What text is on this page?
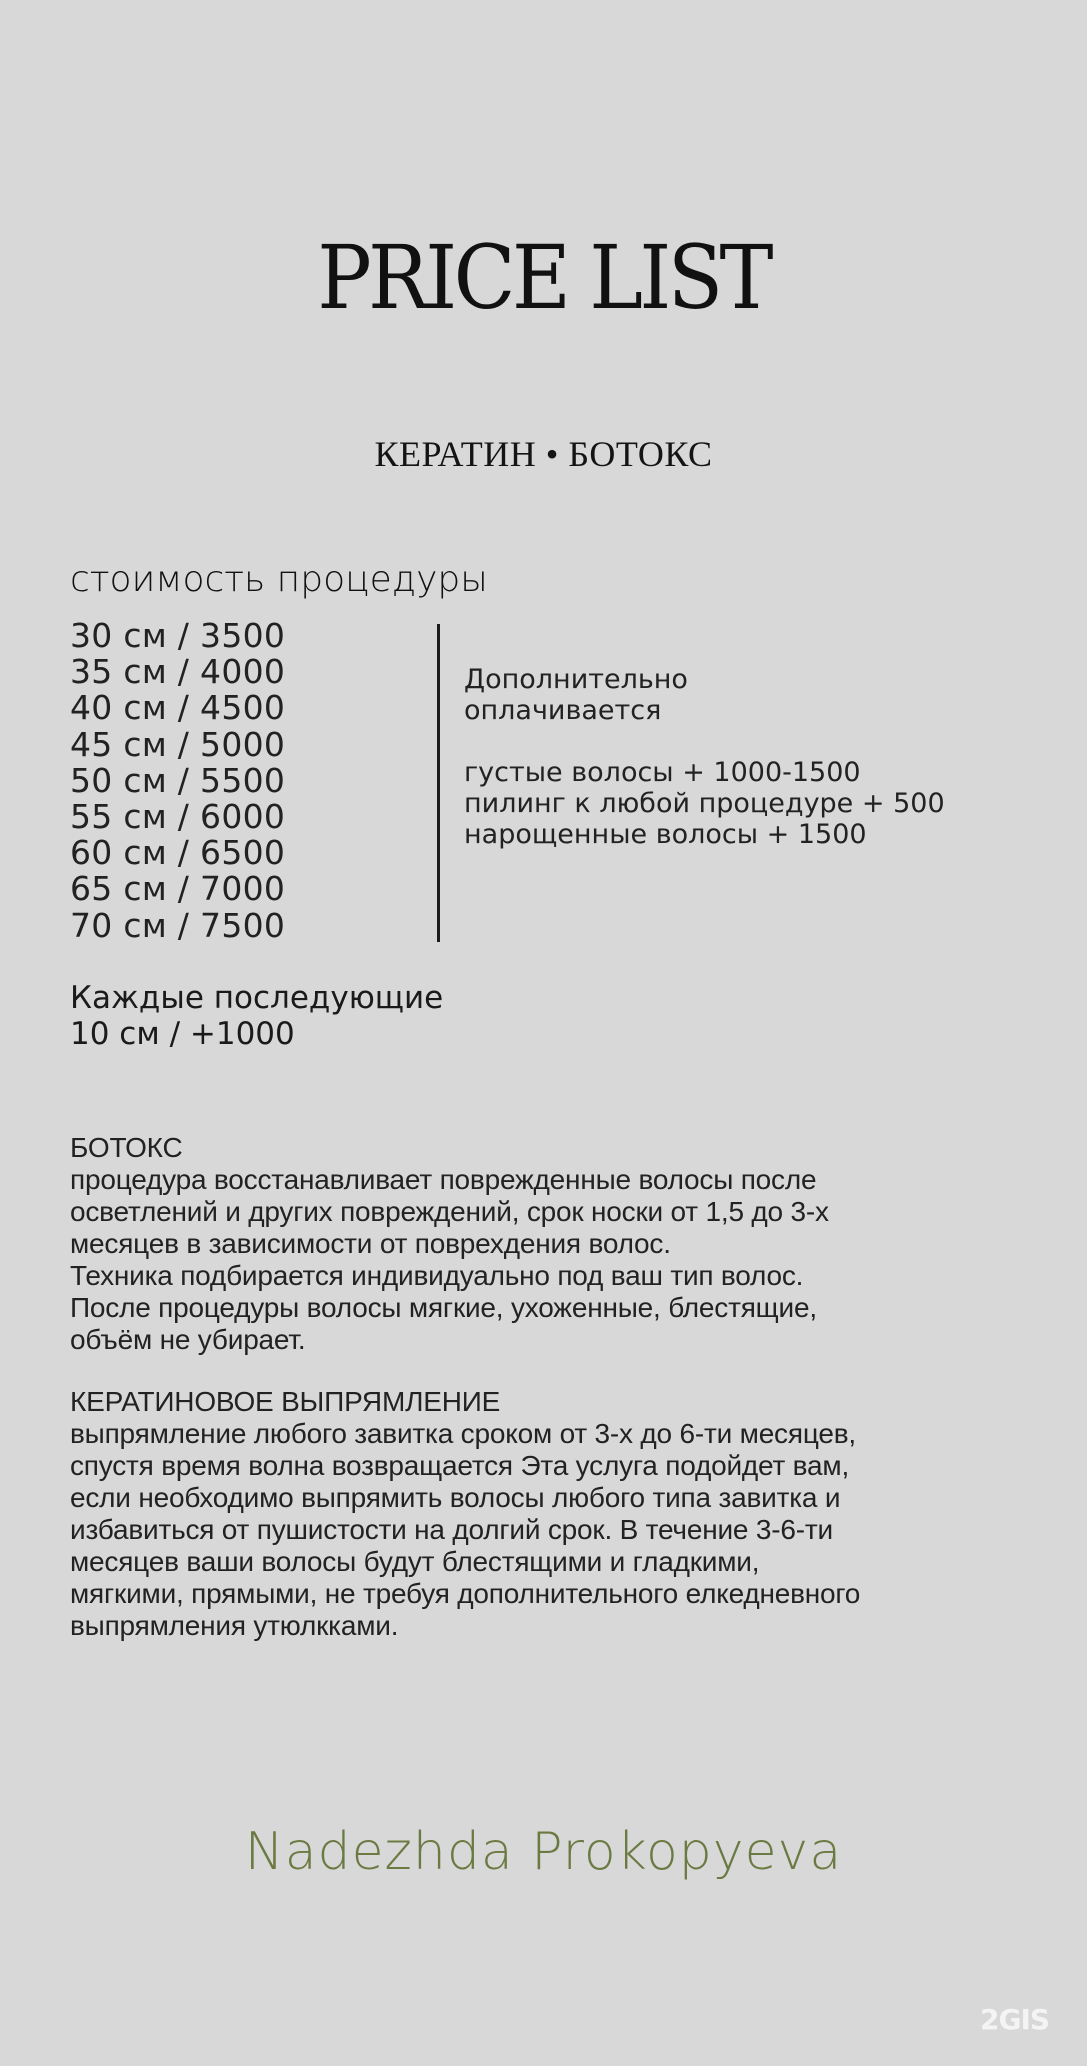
PRICE LIST
КЕРАТИН • БОТОКС
стоимость процедуры
30 см / 3500
35 см / 4000
40 см / 4500
45 см / 5000
50 см / 5500
55 см / 6000
60 см / 6500
65 см / 7000
70 см / 7500
Дополнительно
оплачивается
густые волосы + 1000-1500
пилинг к любой процедуре + 500
нарощенные волосы + 1500
Каждые последующие
10 см / +1000

БОТОКС

процедура восстанавливает поврежденные волосы после

осветлений и других повреждений, срок носки от 1,5 до 3-х

месяцев в зависимости от поврехдения волос.

Техника подбирается индивидуально под ваш тип волос.

После процедуры волосы мягкие, ухоженные, блестящие,

объём не убирает.

КЕРАТИНОВОЕ ВЫПРЯМЛЕНИЕ

выпрямление любого завитка сроком от 3-х до 6-ти месяцев,

спустя время волна возвращается Эта услуга подойдет вам,

если необходимо выпрямить волосы любого типа завитка и

избавиться от пушистости на долгий срок. В течение 3-6-ти

месяцев ваши волосы будут блестящими и гладкими,

мягкими, прямыми, не требуя дополнительного елкедневного

выпрямления утюлкками.

Nadezhda Prokopyeva
2GIS
